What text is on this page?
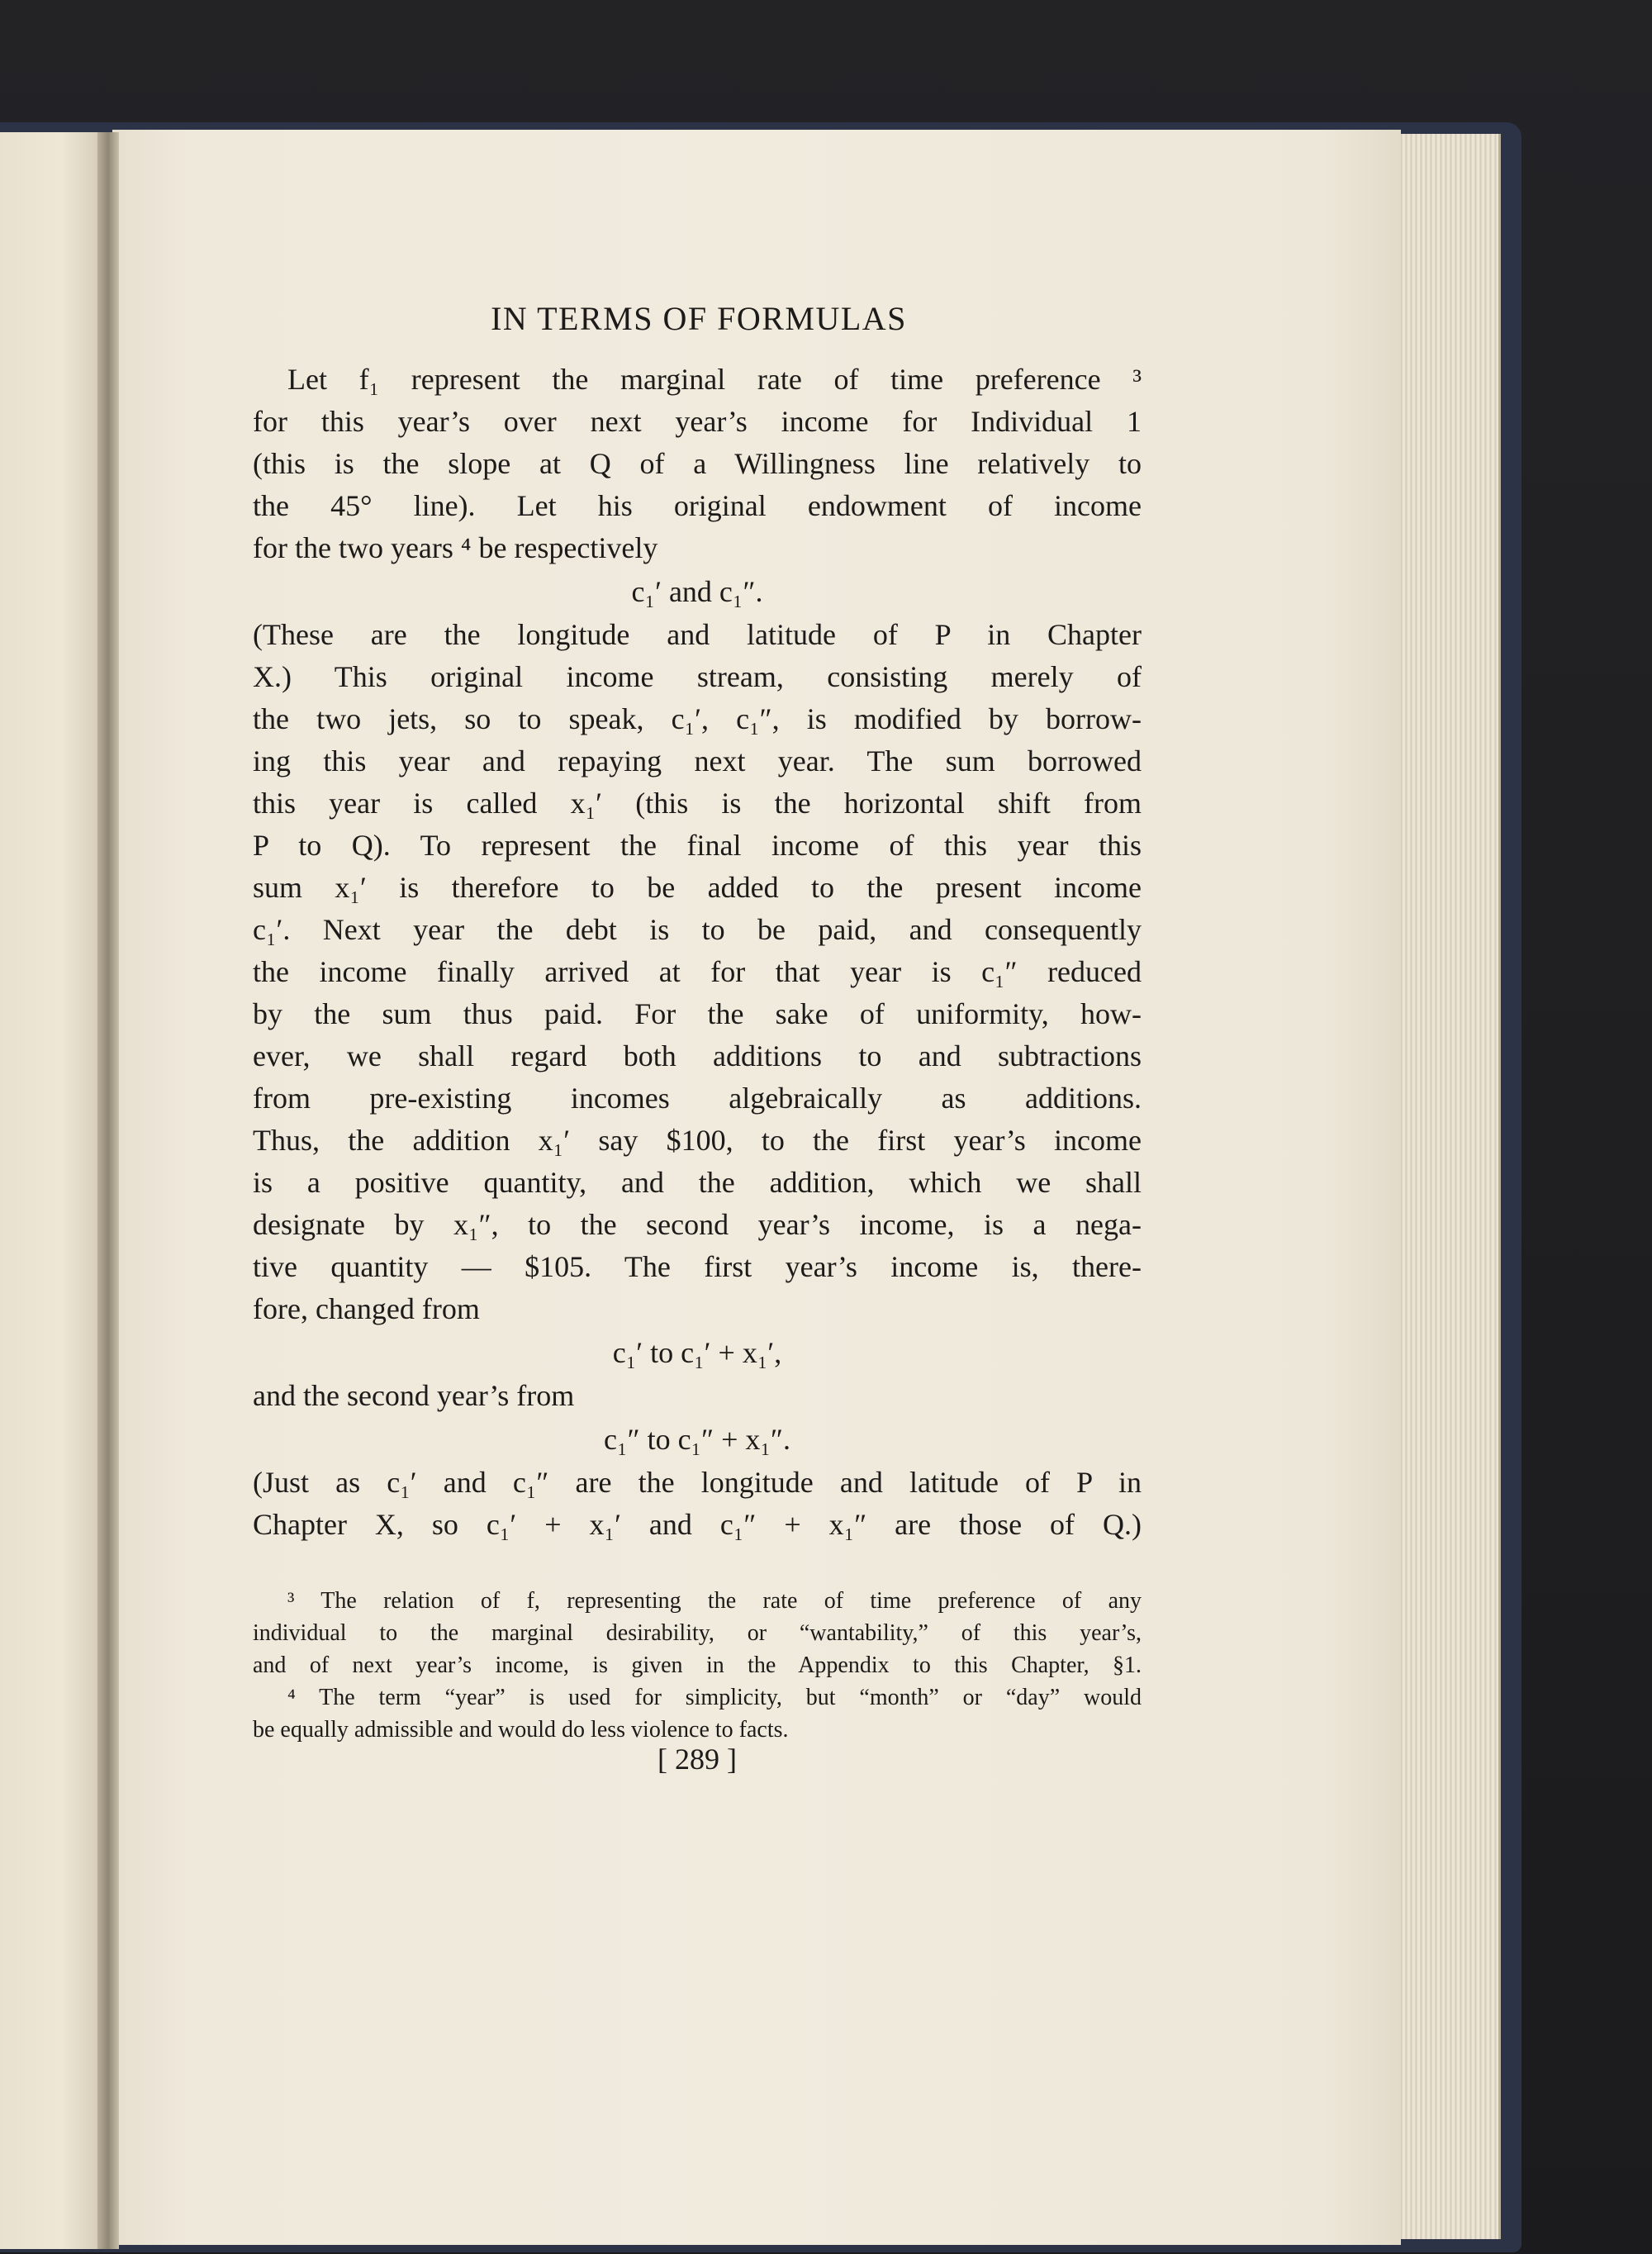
IN TERMS OF FORMULAS
Let f₁ represent the marginal rate of time preference ³
for this year’s over next year’s income for Individual 1
(this is the slope at Q of a Willingness line relatively to
the 45° line). Let his original endowment of income
for the two years ⁴ be respectively
c₁′ and c₁″.
(These are the longitude and latitude of P in Chapter
X.) This original income stream, consisting merely of
the two jets, so to speak, c₁′, c₁″, is modified by borrow-
ing this year and repaying next year. The sum borrowed
this year is called x₁′ (this is the horizontal shift from
P to Q). To represent the final income of this year this
sum x₁′ is therefore to be added to the present income
c₁′. Next year the debt is to be paid, and consequently
the income finally arrived at for that year is c₁″ reduced
by the sum thus paid. For the sake of uniformity, how-
ever, we shall regard both additions to and subtractions
from pre-existing incomes algebraically as additions.
Thus, the addition x₁′ say $100, to the first year’s income
is a positive quantity, and the addition, which we shall
designate by x₁″, to the second year’s income, is a nega-
tive quantity — $105. The first year’s income is, there-
fore, changed from
c₁′ to c₁′ + x₁′,
and the second year’s from
c₁″ to c₁″ + x₁″.
(Just as c₁′ and c₁″ are the longitude and latitude of P in
Chapter X, so c₁′ + x₁′ and c₁″ + x₁″ are those of Q.)
³ The relation of f, representing the rate of time preference of any
individual to the marginal desirability, or “wantability,” of this year’s,
and of next year’s income, is given in the Appendix to this Chapter, §1.
⁴ The term “year” is used for simplicity, but “month” or “day” would
be equally admissible and would do less violence to facts.
[ 289 ]
